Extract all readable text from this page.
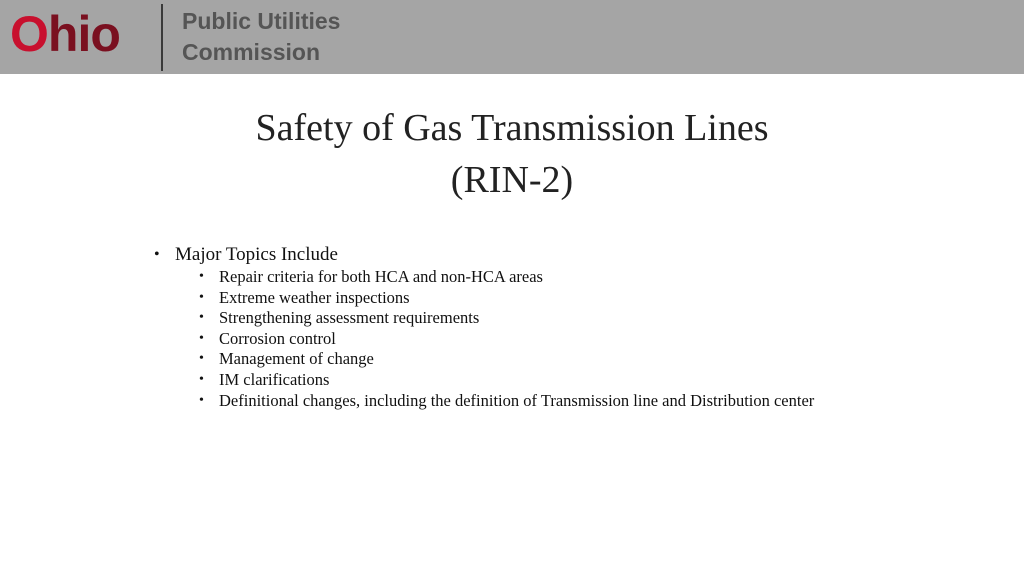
Ohio	Public Utilities
Commission
Safety of Gas Transmission Lines
(RIN-2)
• Major Topics Include
• Repair criteria for both HCA and non-HCA areas
• Extreme weather inspections
• Strengthening assessment requirements
• Corrosion control
• Management of change
• IM clarifications
• Definitional changes, including the definition of Transmission line and Distribution center
